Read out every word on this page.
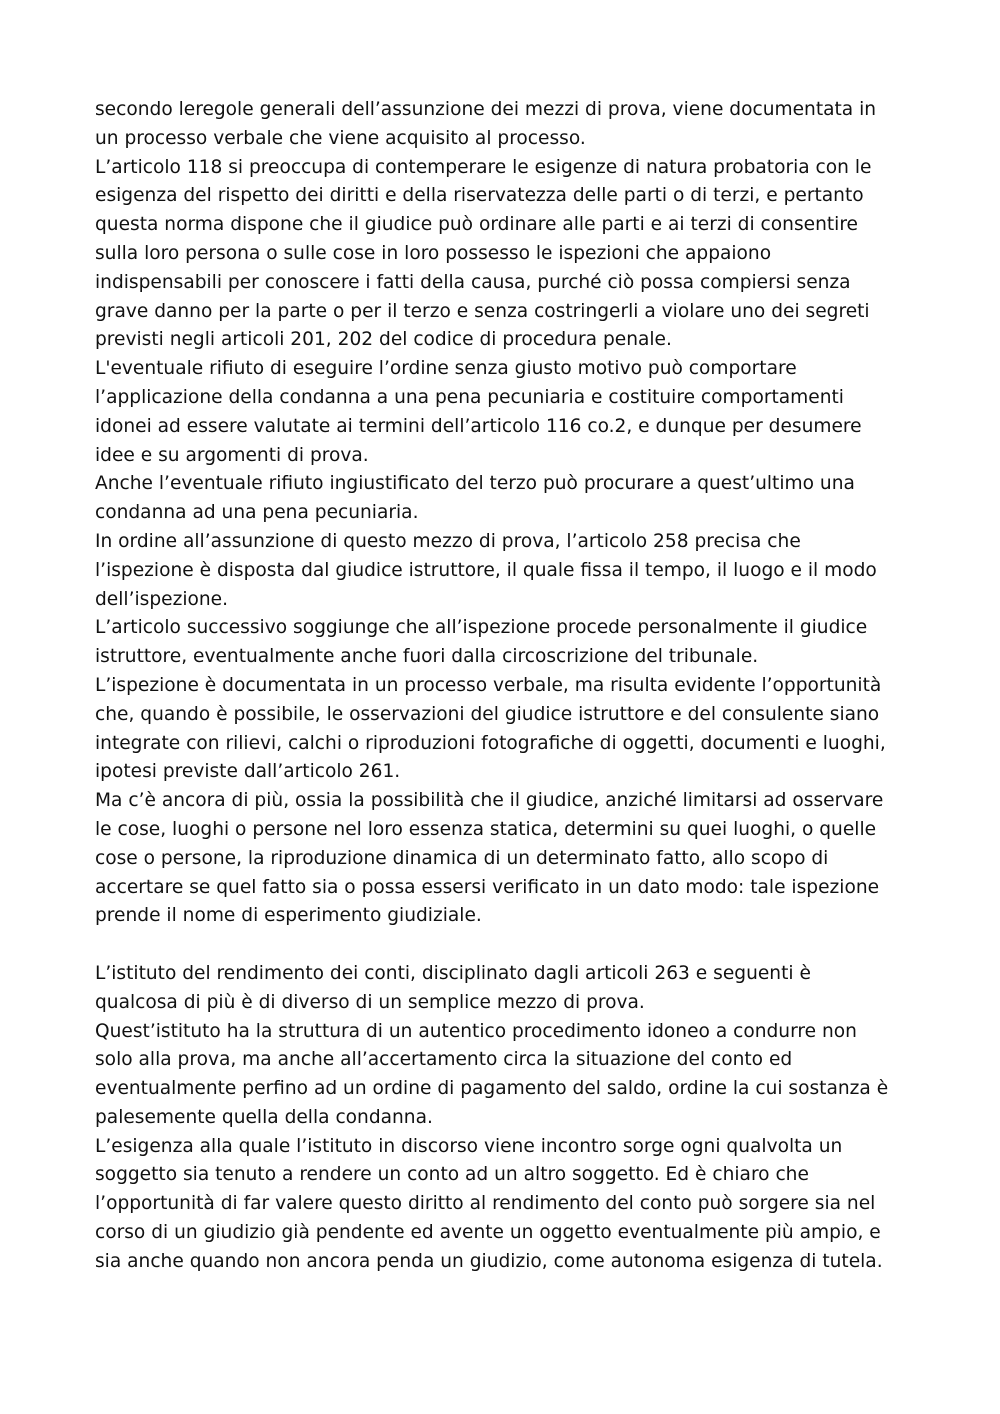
secondo leregole generali dell’assunzione dei mezzi di prova, viene documentata in

un processo verbale che viene acquisito al processo.

L’articolo 118 si preoccupa di contemperare le esigenze di natura probatoria con le

esigenza del rispetto dei diritti e della riservatezza delle parti o di terzi, e pertanto

questa norma dispone che il giudice può ordinare alle parti e ai terzi di consentire

sulla loro persona o sulle cose in loro possesso le ispezioni che appaiono

indispensabili per conoscere i fatti della causa, purché ciò possa compiersi senza

grave danno per la parte o per il terzo e senza costringerli a violare uno dei segreti

previsti negli articoli 201, 202 del codice di procedura penale.

L'eventuale rifiuto di eseguire l’ordine senza giusto motivo può comportare

l’applicazione della condanna a una pena pecuniaria e costituire comportamenti

idonei ad essere valutate ai termini dell’articolo 116 co.2, e dunque per desumere

idee e su argomenti di prova.

Anche l’eventuale rifiuto ingiustificato del terzo può procurare a quest’ultimo una

condanna ad una pena pecuniaria.

In ordine all’assunzione di questo mezzo di prova, l’articolo 258 precisa che

l’ispezione è disposta dal giudice istruttore, il quale fissa il tempo, il luogo e il modo

dell’ispezione.

L’articolo successivo soggiunge che all’ispezione procede personalmente il giudice

istruttore, eventualmente anche fuori dalla circoscrizione del tribunale.

L’ispezione è documentata in un processo verbale, ma risulta evidente l’opportunità

che, quando è possibile, le osservazioni del giudice istruttore e del consulente siano

integrate con rilievi, calchi o riproduzioni fotografiche di oggetti, documenti e luoghi,

ipotesi previste dall’articolo 261.

Ma c’è ancora di più, ossia la possibilità che il giudice, anziché limitarsi ad osservare

le cose, luoghi o persone nel loro essenza statica, determini su quei luoghi, o quelle

cose o persone, la riproduzione dinamica di un determinato fatto, allo scopo di

accertare se quel fatto sia o possa essersi verificato in un dato modo: tale ispezione

prende il nome di esperimento giudiziale.

L’istituto del rendimento dei conti, disciplinato dagli articoli 263 e seguenti è

qualcosa di più è di diverso di un semplice mezzo di prova.

Quest’istituto ha la struttura di un autentico procedimento idoneo a condurre non

solo alla prova, ma anche all’accertamento circa la situazione del conto ed

eventualmente perfino ad un ordine di pagamento del saldo, ordine la cui sostanza è

palesemente quella della condanna.

L’esigenza alla quale l’istituto in discorso viene incontro sorge ogni qualvolta un

soggetto sia tenuto a rendere un conto ad un altro soggetto. Ed è chiaro che

l’opportunità di far valere questo diritto al rendimento del conto può sorgere sia nel

corso di un giudizio già pendente ed avente un oggetto eventualmente più ampio, e

sia anche quando non ancora penda un giudizio, come autonoma esigenza di tutela.
